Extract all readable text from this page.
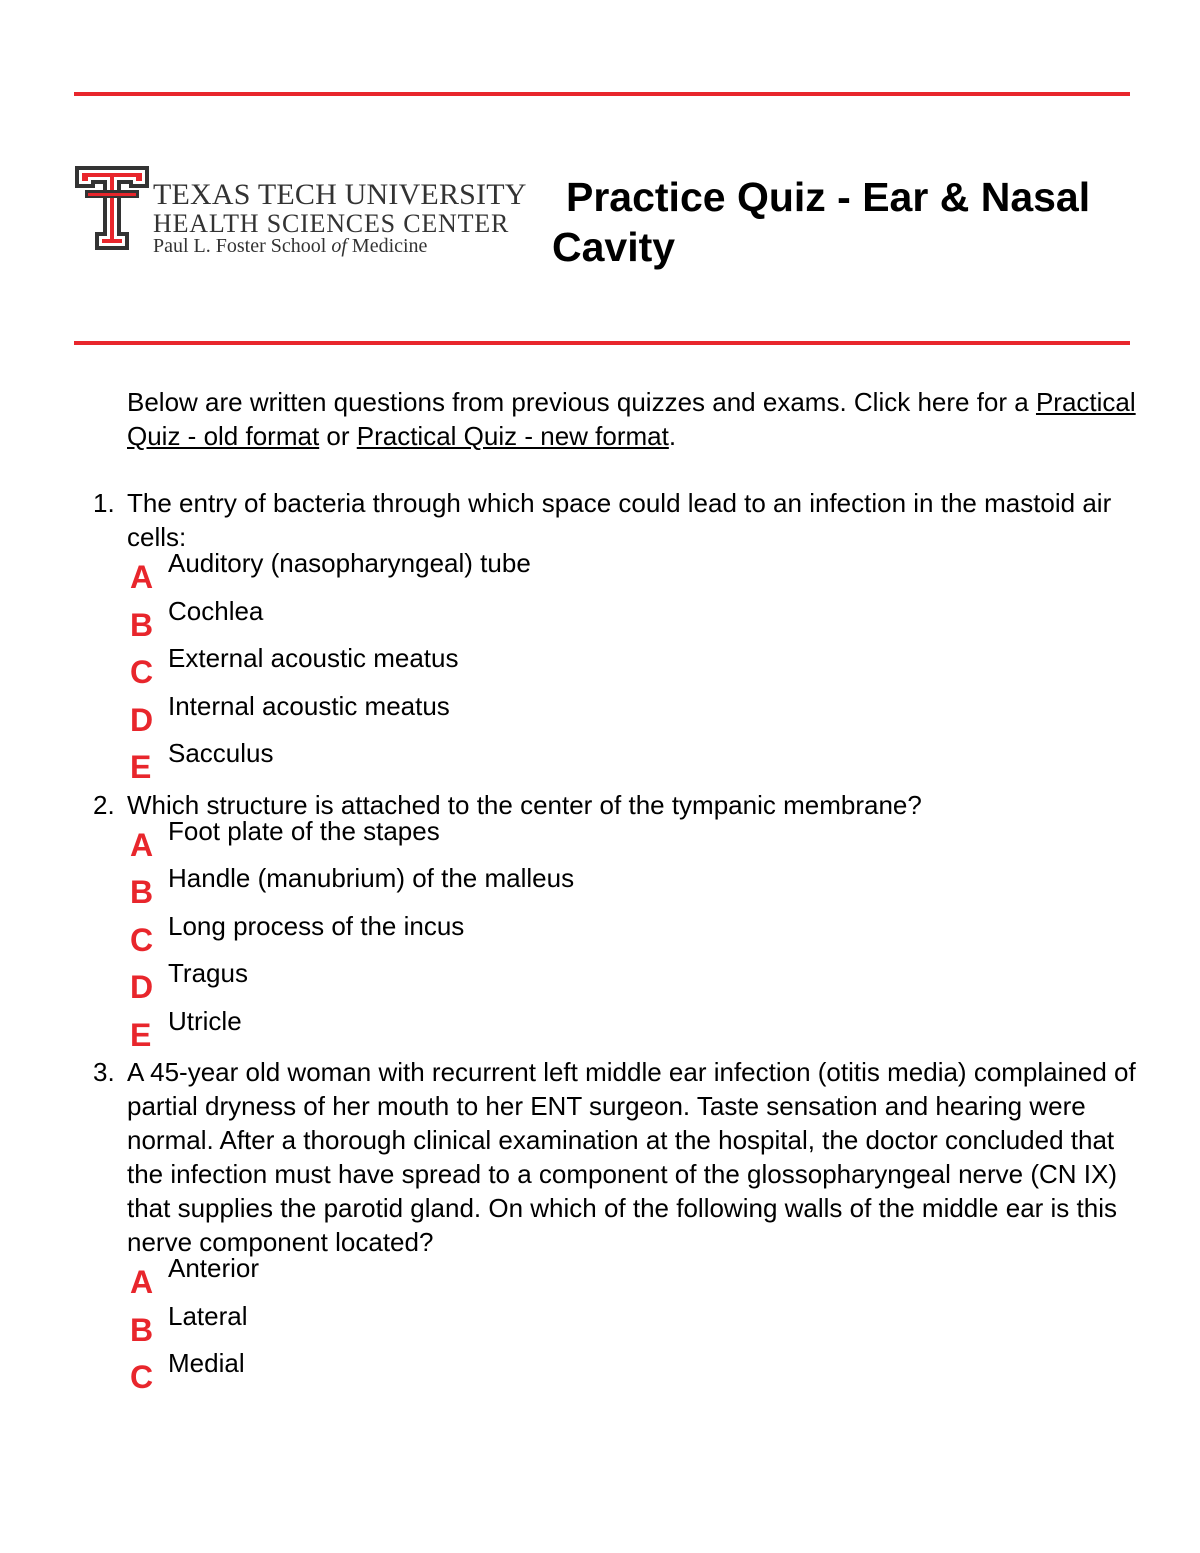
TEXAS TECH UNIVERSITY
HEALTH SCIENCES CENTER
Paul L. Foster School of Medicine
Practice Quiz - Ear & Nasal Cavity

Below are written questions from previous quizzes and exams. Click here for a Practical Quiz - old format or Practical Quiz - new format.

1. The entry of bacteria through which space could lead to an infection in the mastoid air cells:

A Auditory (nasopharyngeal) tube
B Cochlea
C External acoustic meatus
D Internal acoustic meatus
E Sacculus
2. Which structure is attached to the center of the tympanic membrane?

A Foot plate of the stapes
B Handle (manubrium) of the malleus
C Long process of the incus
D Tragus
E Utricle
3. A 45-year old woman with recurrent left middle ear infection (otitis media) complained of partial dryness of her mouth to her ENT surgeon. Taste sensation and hearing were normal. After a thorough clinical examination at the hospital, the doctor concluded that the infection must have spread to a component of the glossopharyngeal nerve (CN IX) that supplies the parotid gland. On which of the following walls of the middle ear is this nerve component located?

A Anterior
B Lateral
C Medial
